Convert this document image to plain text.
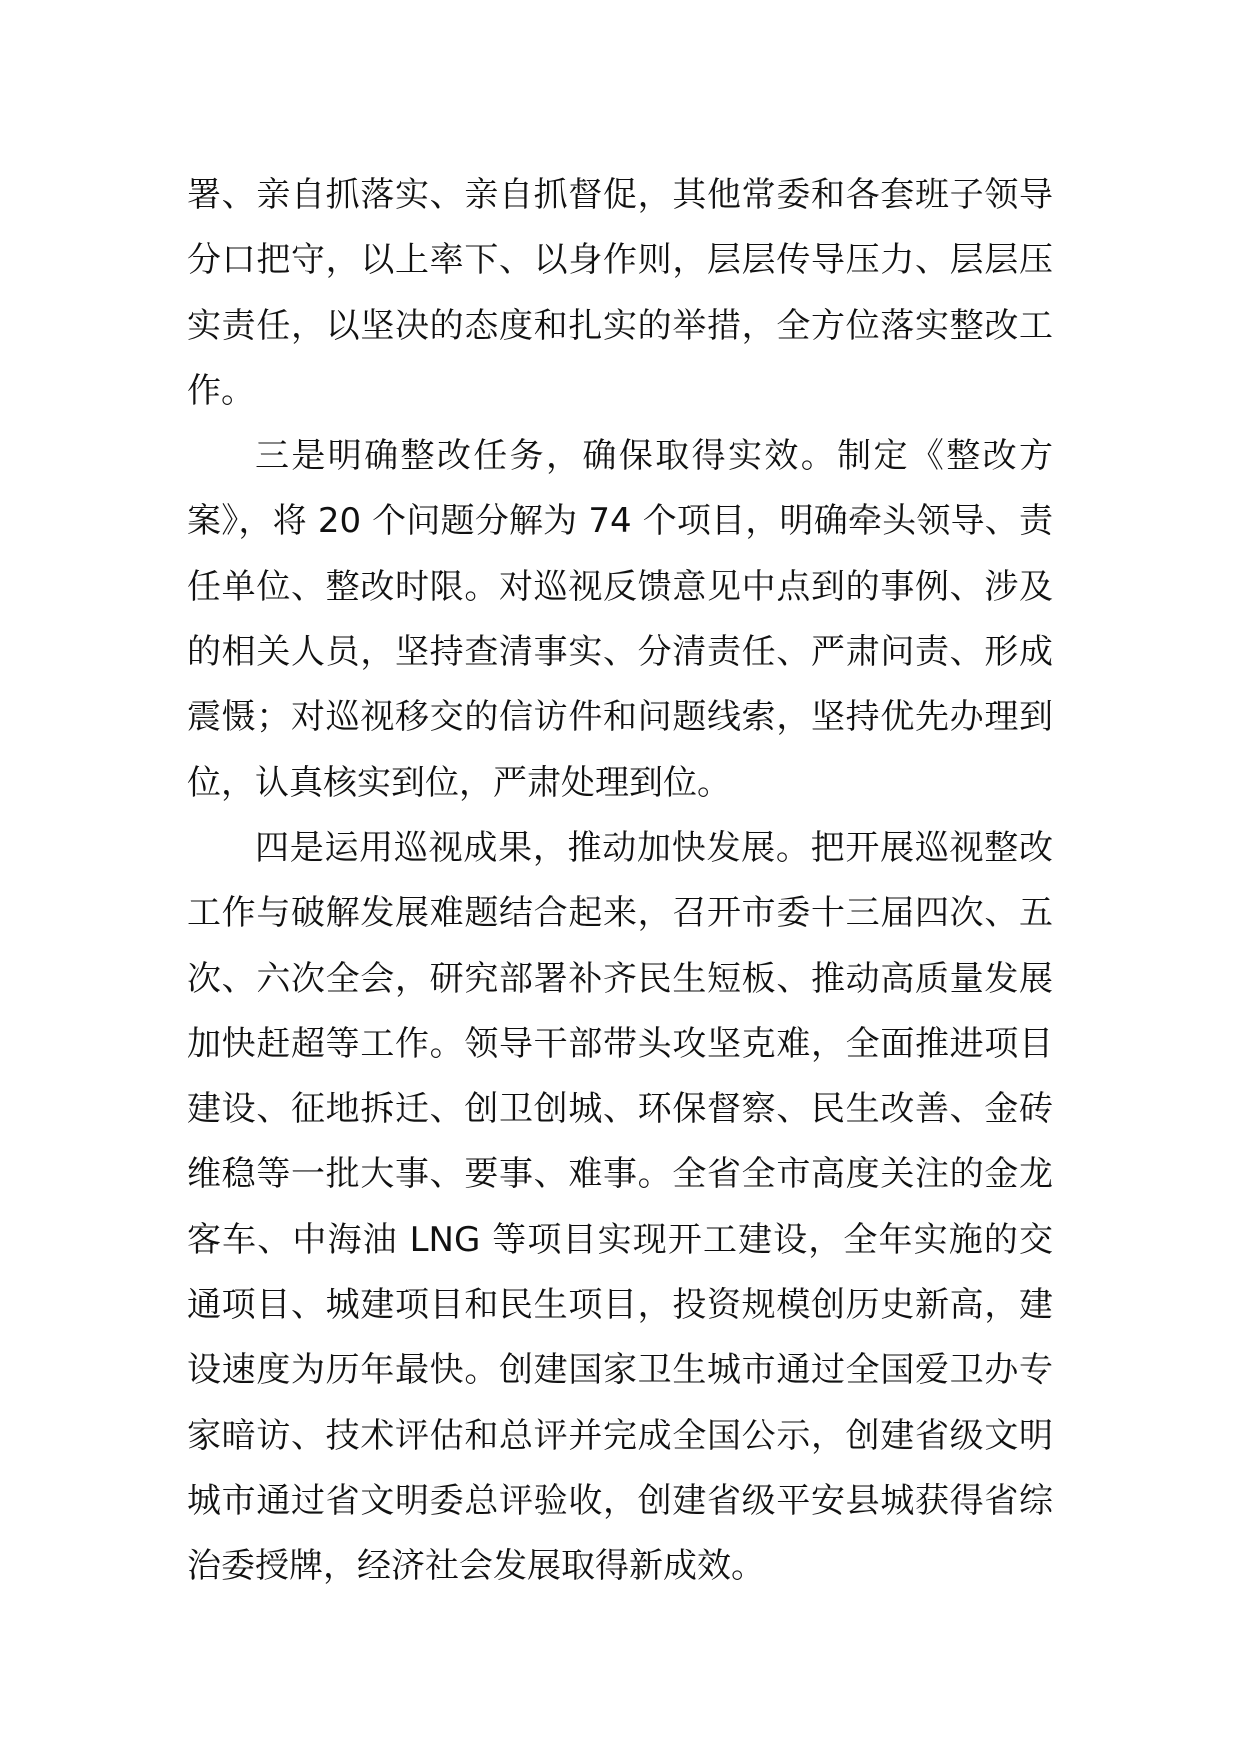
署、亲自抓落实、亲自抓督促，其他常委和各套班子领导分口把守，以上率下、以身作则，层层传导压力、层层压实责任，以坚决的态度和扎实的举措，全方位落实整改工作。

三是明确整改任务，确保取得实效。制定《整改方案》，将 20 个问题分解为 74 个项目，明确牵头领导、责任单位、整改时限。对巡视反馈意见中点到的事例、涉及的相关人员，坚持查清事实、分清责任、严肃问责、形成震慑；对巡视移交的信访件和问题线索，坚持优先办理到位，认真核实到位，严肃处理到位。

四是运用巡视成果，推动加快发展。把开展巡视整改工作与破解发展难题结合起来，召开市委十三届四次、五次、六次全会，研究部署补齐民生短板、推动高质量发展加快赶超等工作。领导干部带头攻坚克难，全面推进项目建设、征地拆迁、创卫创城、环保督察、民生改善、金砖维稳等一批大事、要事、难事。全省全市高度关注的金龙客车、中海油 LNG 等项目实现开工建设，全年实施的交通项目、城建项目和民生项目，投资规模创历史新高，建设速度为历年最快。创建国家卫生城市通过全国爱卫办专家暗访、技术评估和总评并完成全国公示，创建省级文明城市通过省文明委总评验收，创建省级平安县城获得省综治委授牌，经济社会发展取得新成效。
